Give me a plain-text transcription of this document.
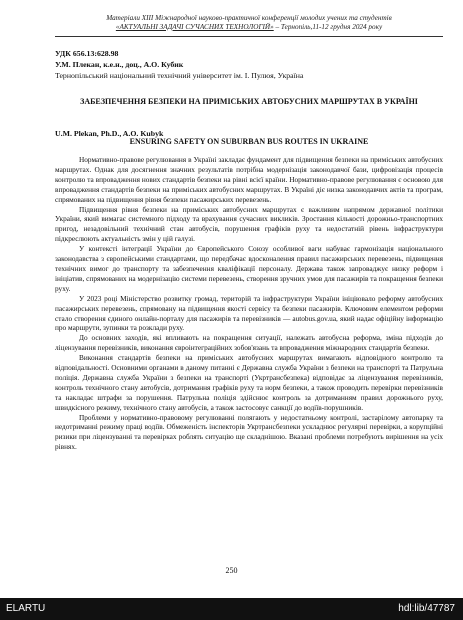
Матеріали XIII Міжнародної науково-практичної конференції молодих учених та студентів
«АКТУАЛЬНІ ЗАДАЧІ СУЧАСНИХ ТЕХНОЛОГІЙ» – Тернопіль,11-12 грудня 2024 року
УДК 656.13:628.98
У.М. Плекан, к.е.н., доц., А.О. Кубик
Тернопільський національний технічний університет ім. І. Пулюя, Україна
ЗАБЕЗПЕЧЕННЯ БЕЗПЕКИ НА ПРИМІСЬКИХ АВТОБУСНИХ МАРШРУТАХ В УКРАЇНІ
U.M. Plekan, Ph.D., A.O. Kubyk
ENSURING SAFETY ON SUBURBAN BUS ROUTES IN UKRAINE

Нормативно-правове регулювання в Україні закладає фундамент для підвищення безпеки на приміських автобусних маршрутах. Однак для досягнення значних результатів потрібна модернізація законодавчої бази, цифровізація процесів контролю та впровадження нових стандартів безпеки на рівні всієї країни. Нормативно-правове регулювання є основою для впровадження стандартів безпеки на приміських автобусних маршрутах. В Україні діє низка законодавчих актів та програм, спрямованих на підвищення рівня безпеки пасажирських перевезень.

Підвищення рівня безпеки на приміських автобусних маршрутах є важливим напрямом державної політики України, який вимагає системного підходу та врахування сучасних викликів. Зростання кількості дорожньо-транспортних пригод, незадовільний технічний стан автобусів, порушення графіків руху та недостатній рівень інфраструктури підкреслюють актуальність змін у цій галузі.

У контексті інтеграції України до Європейського Союзу особливої ваги набуває гармонізація національного законодавства з європейськими стандартами, що передбачає вдосконалення правил пасажирських перевезень, підвищення технічних вимог до транспорту та забезпечення кваліфікації персоналу. Держава також запроваджує низку реформ і ініціатив, спрямованих на модернізацію системи перевезень, створення зручних умов для пасажирів та покращення безпеки руху.

У 2023 році Міністерство розвитку громад, територій та інфраструктури України ініціювало реформу автобусних пасажирських перевезень, спрямовану на підвищення якості сервісу та безпеки пасажирів. Ключовим елементом реформи стало створення єдиного онлайн-порталу для пасажирів та перевізників — autobus.gov.ua, який надає офіційну інформацію про маршрути, зупинки та розклади руху.

До основних заходів, які впливають на покращення ситуації, належать автобусна реформа, зміна підходів до ліцензування перевізників, виконання євроінтеграційних зобов'язань та впровадження міжнародних стандартів безпеки.

Виконання стандартів безпеки на приміських автобусних маршрутах вимагають відповідного контролю та відповідальності. Основними органами в даному питанні є Державна служба України з безпеки на транспорті та Патрульна поліція. Державна служба України з безпеки на транспорті (Укртрансбезпека) відповідає за ліцензування перевізників, контроль технічного стану автобусів, дотримання графіків руху та норм безпеки, а також проводить перевірки перевізників та накладає штрафи за порушення. Патрульна поліція здійснює контроль за дотриманням правил дорожнього руху, швидкісного режиму, технічного стану автобусів, а також застосовує санкції до водіїв-порушників.

Проблеми у нормативно-правовому регулюванні полягають у недостатньому контролі, застарілому автопарку та недотриманні режиму праці водіїв. Обмеженість інспекторів Укртрансбезпеки ускладнює регулярні перевірки, а корупційні ризики при ліцензуванні та перевірках роблять ситуацію ще складнішою. Вказані проблеми потребують вирішення на усіх рівнях.

250
ELARTU	hdl:lib/47787
